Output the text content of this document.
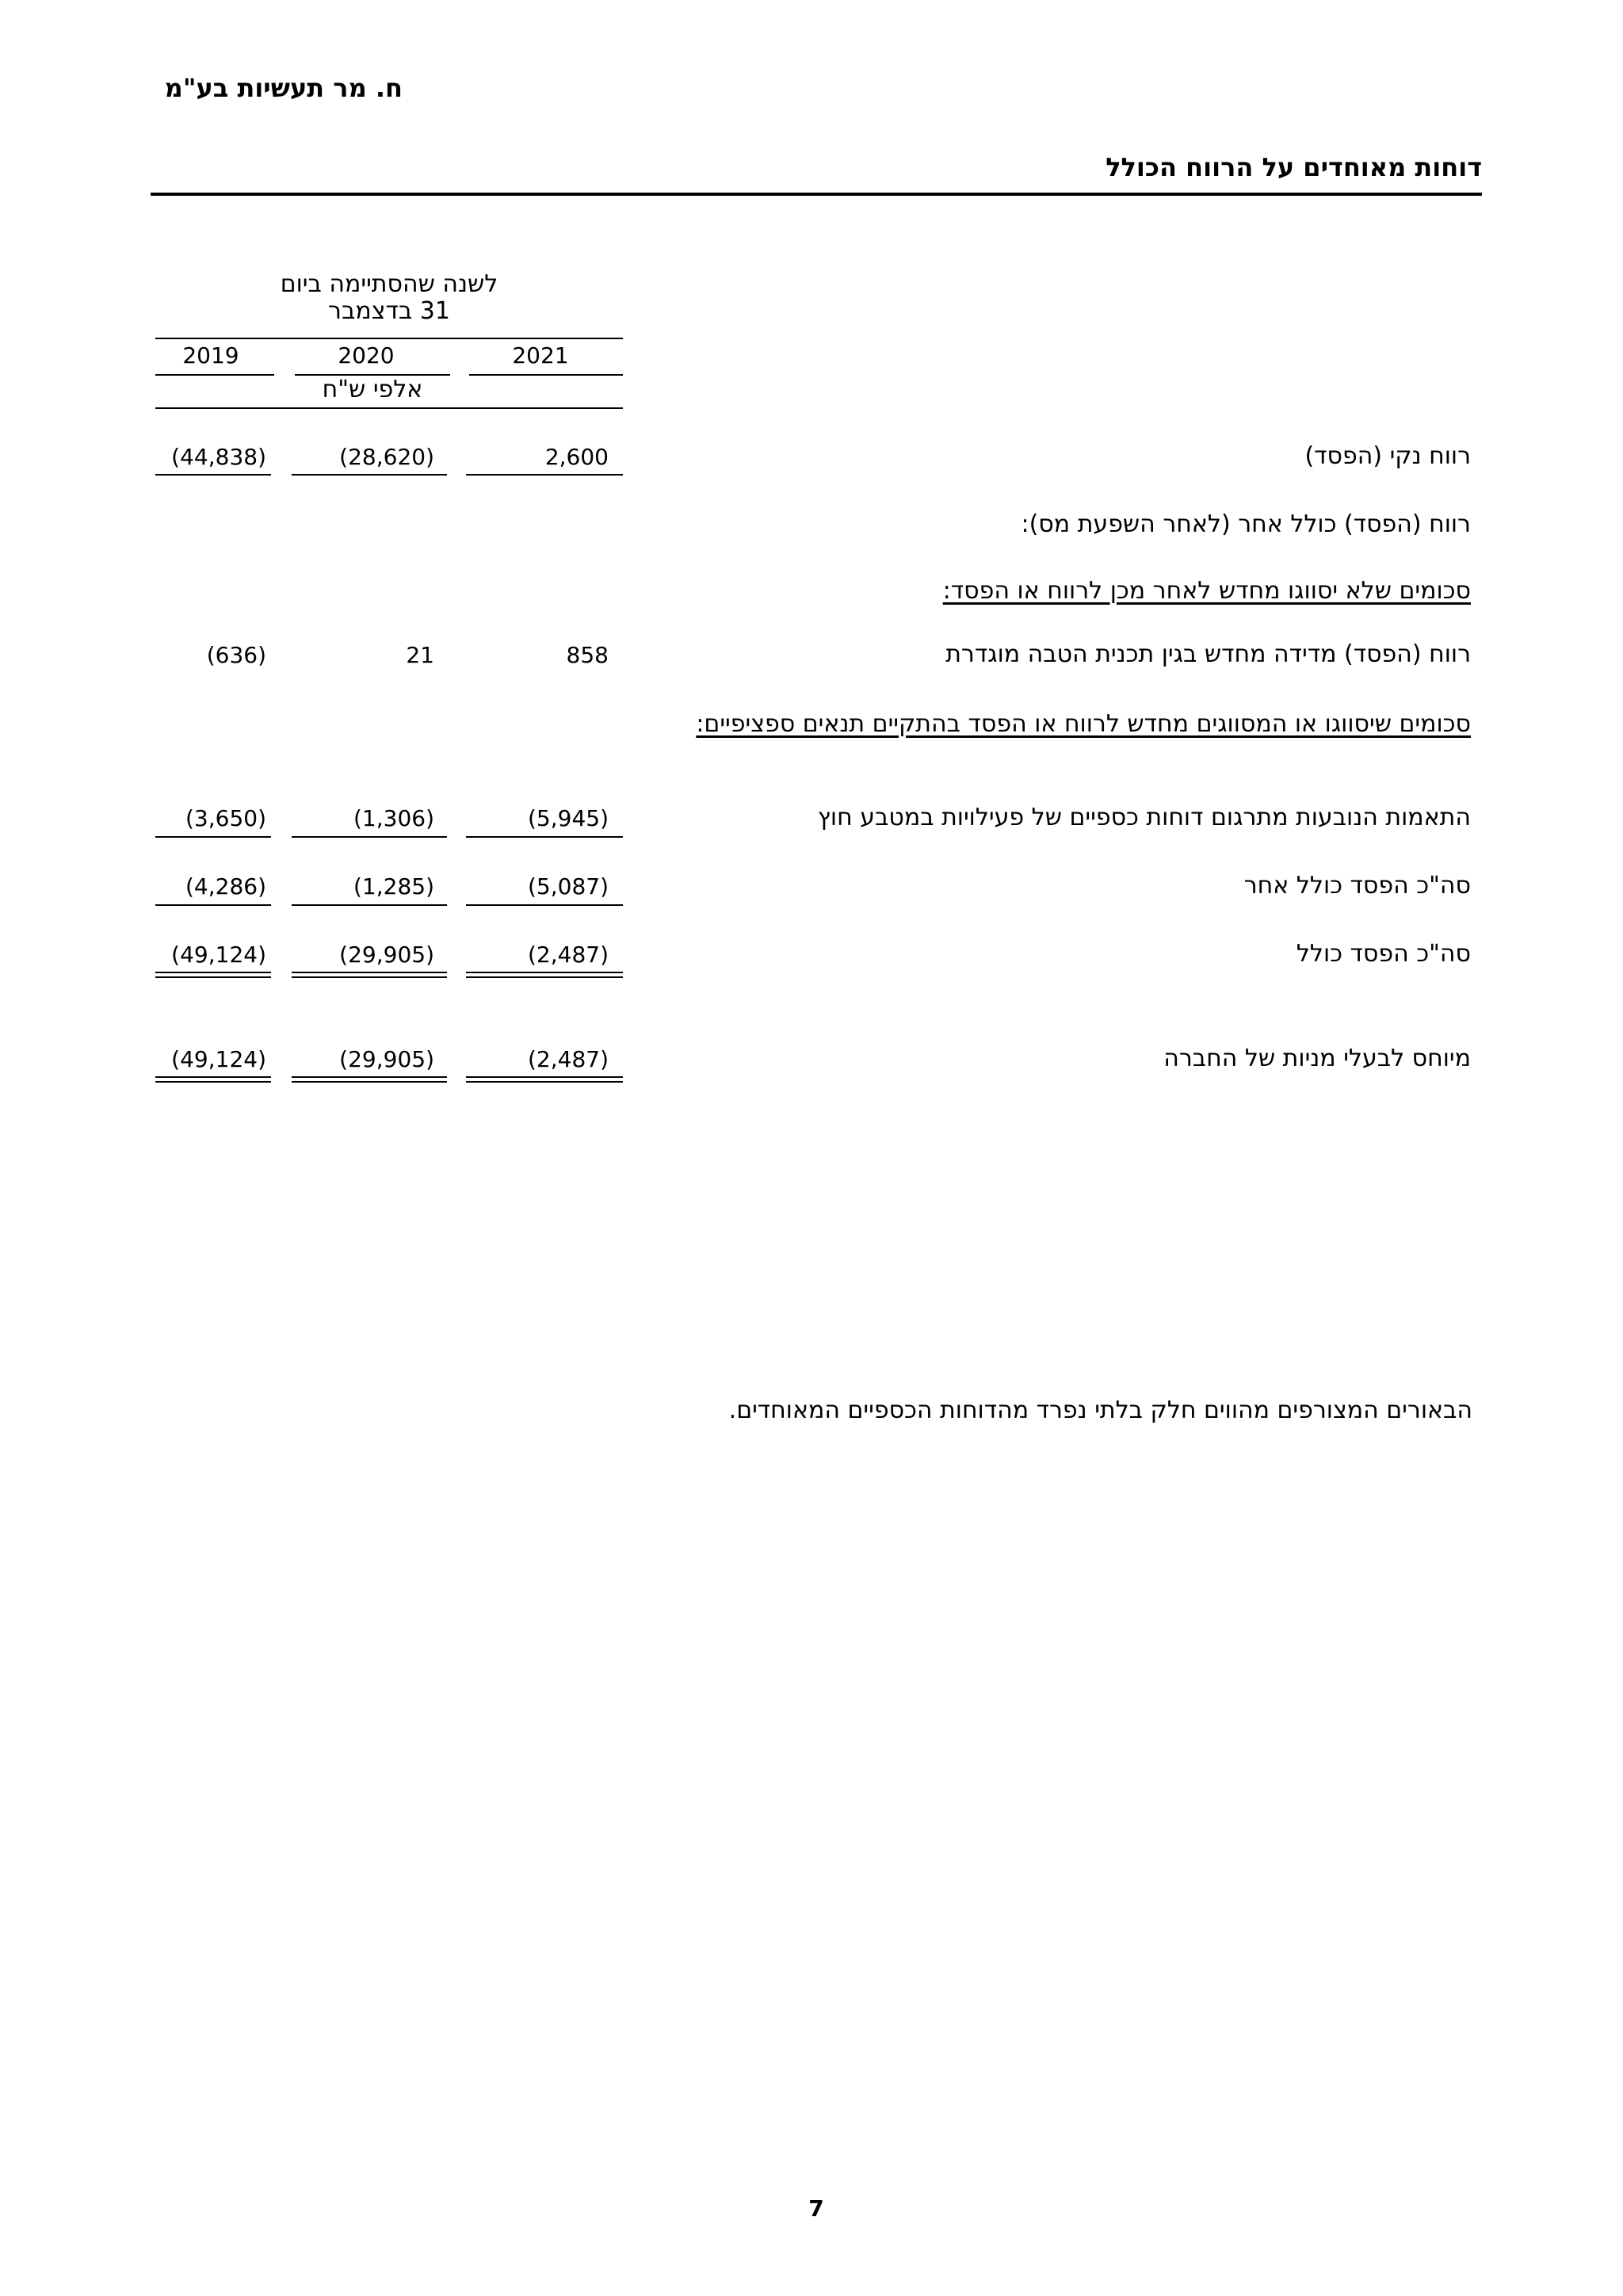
ח. מר תעשיות בע"מ
דוחות מאוחדים על הרווח הכולל
לשנה שהסתיימה ביום
31 בדצמבר
2021
2020
2019
אלפי ש"ח
רווח נקי (הפסד)
2,600
(28,620)
(44,838)
רווח (הפסד) כולל אחר (לאחר השפעת מס):
סכומים שלא יסווגו מחדש לאחר מכן לרווח או הפסד:
רווח (הפסד) מדידה מחדש בגין תכנית הטבה מוגדרת
858
21
(636)
סכומים שיסווגו או המסווגים מחדש לרווח או הפסד בהתקיים תנאים ספציפיים:
התאמות הנובעות מתרגום דוחות כספיים של פעילויות במטבע חוץ
(5,945)
(1,306)
(3,650)
סה"כ הפסד כולל אחר
(5,087)
(1,285)
(4,286)
סה"כ הפסד כולל
(2,487)
(29,905)
(49,124)
מיוחס לבעלי מניות של החברה
(2,487)
(29,905)
(49,124)
הבאורים המצורפים מהווים חלק בלתי נפרד מהדוחות הכספיים המאוחדים.
7
